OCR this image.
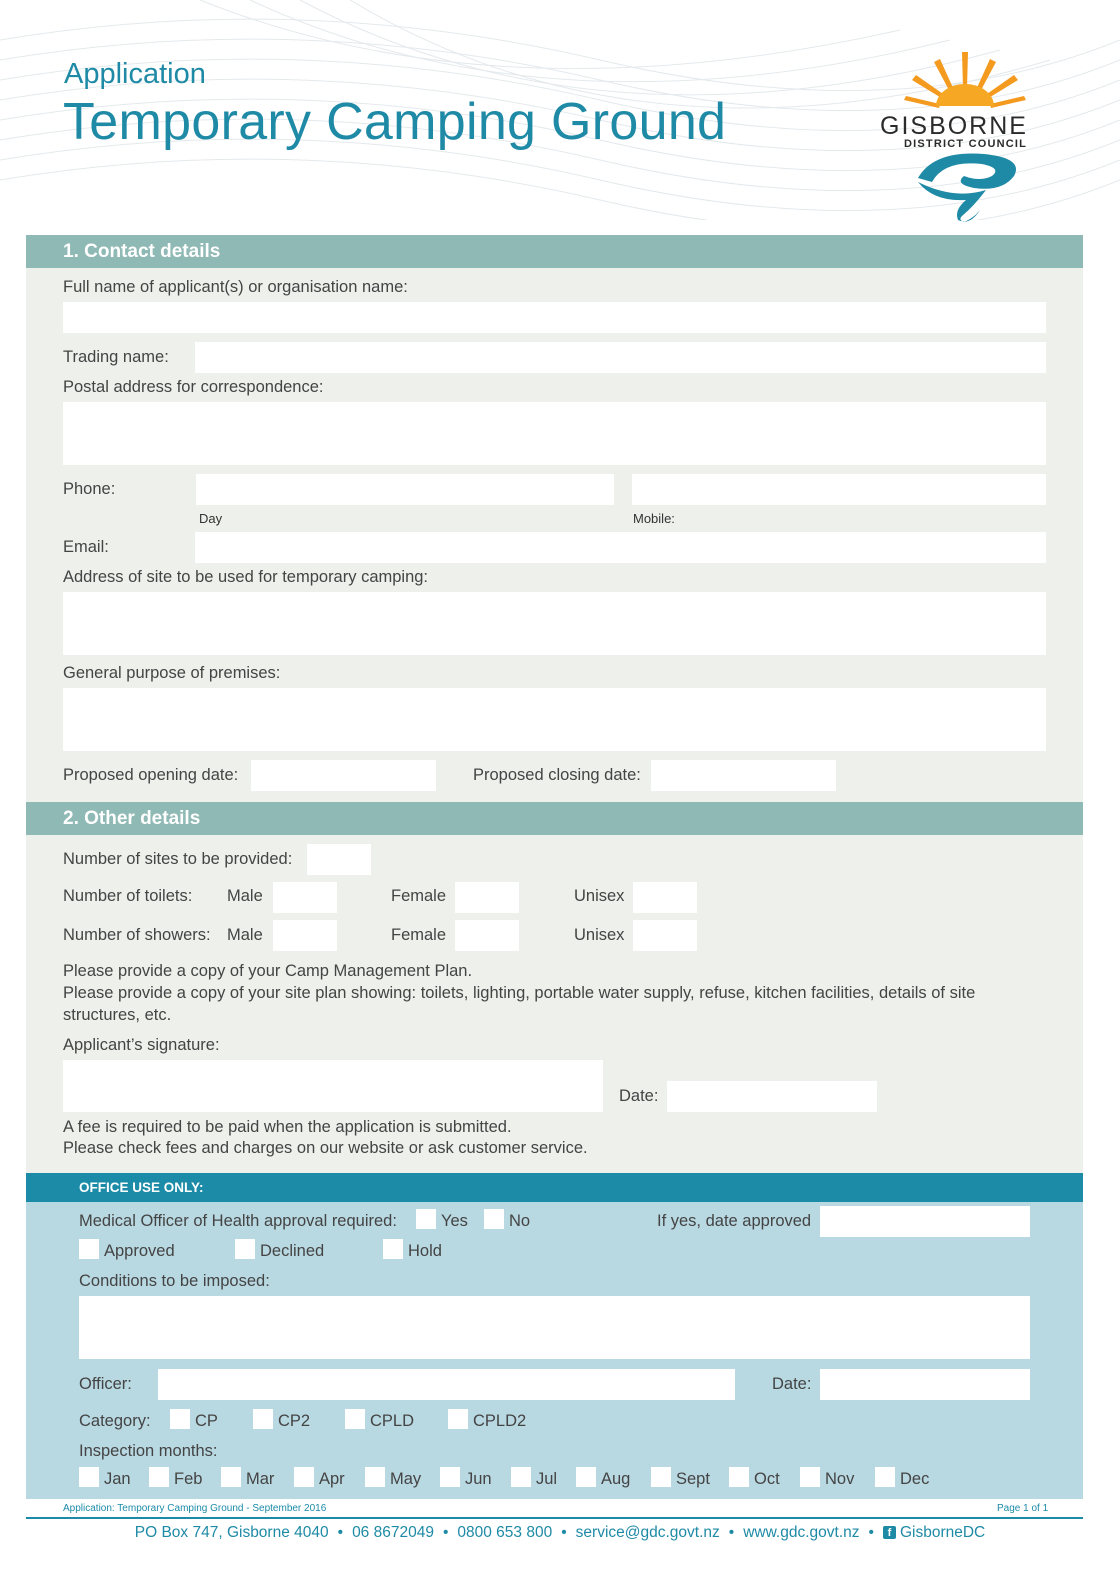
Application
Temporary Camping Ground	GISBORNE
DISTRICT COUNCIL
1. Contact details
Full name of applicant(s) or organisation name:
Trading name:
Postal address for correspondence:
Phone:
Day	Mobile:
Email:
Address of site to be used for temporary camping:
General purpose of premises:
Proposed opening date:	Proposed closing date:
2. Other details
Number of sites to be provided:
Number of toilets: Male	Female	Unisex
Number of showers: Male	Female	Unisex
Please provide a copy of your Camp Management Plan.
Please provide a copy of your site plan showing: toilets, lighting, portable water supply, refuse, kitchen facilities, details of site
structures, etc.
Applicant’s signature:
Date:
A fee is required to be paid when the application is submitted.
Please check fees and charges on our website or ask customer service.
OFFICE USE ONLY:
Medical Officer of Health approval required:	Yes No	If yes, date approved
Approved	Declined	Hold
Conditions to be imposed:
Officer:	Date:
Category:	CP	CP2	CPLD	CPLD2
Inspection months:
Jan	Feb	Mar	Apr	May	Jun	Jul	Aug	Sept	Oct	Nov	Dec
Application: Temporary Camping Ground - September 2016	Page 1 of 1
PO Box 747, Gisborne 4040 • 06 8672049 • 0800 653 800 • service@gdc.govt.nz • www.gdc.govt.nz • f GisborneDC
